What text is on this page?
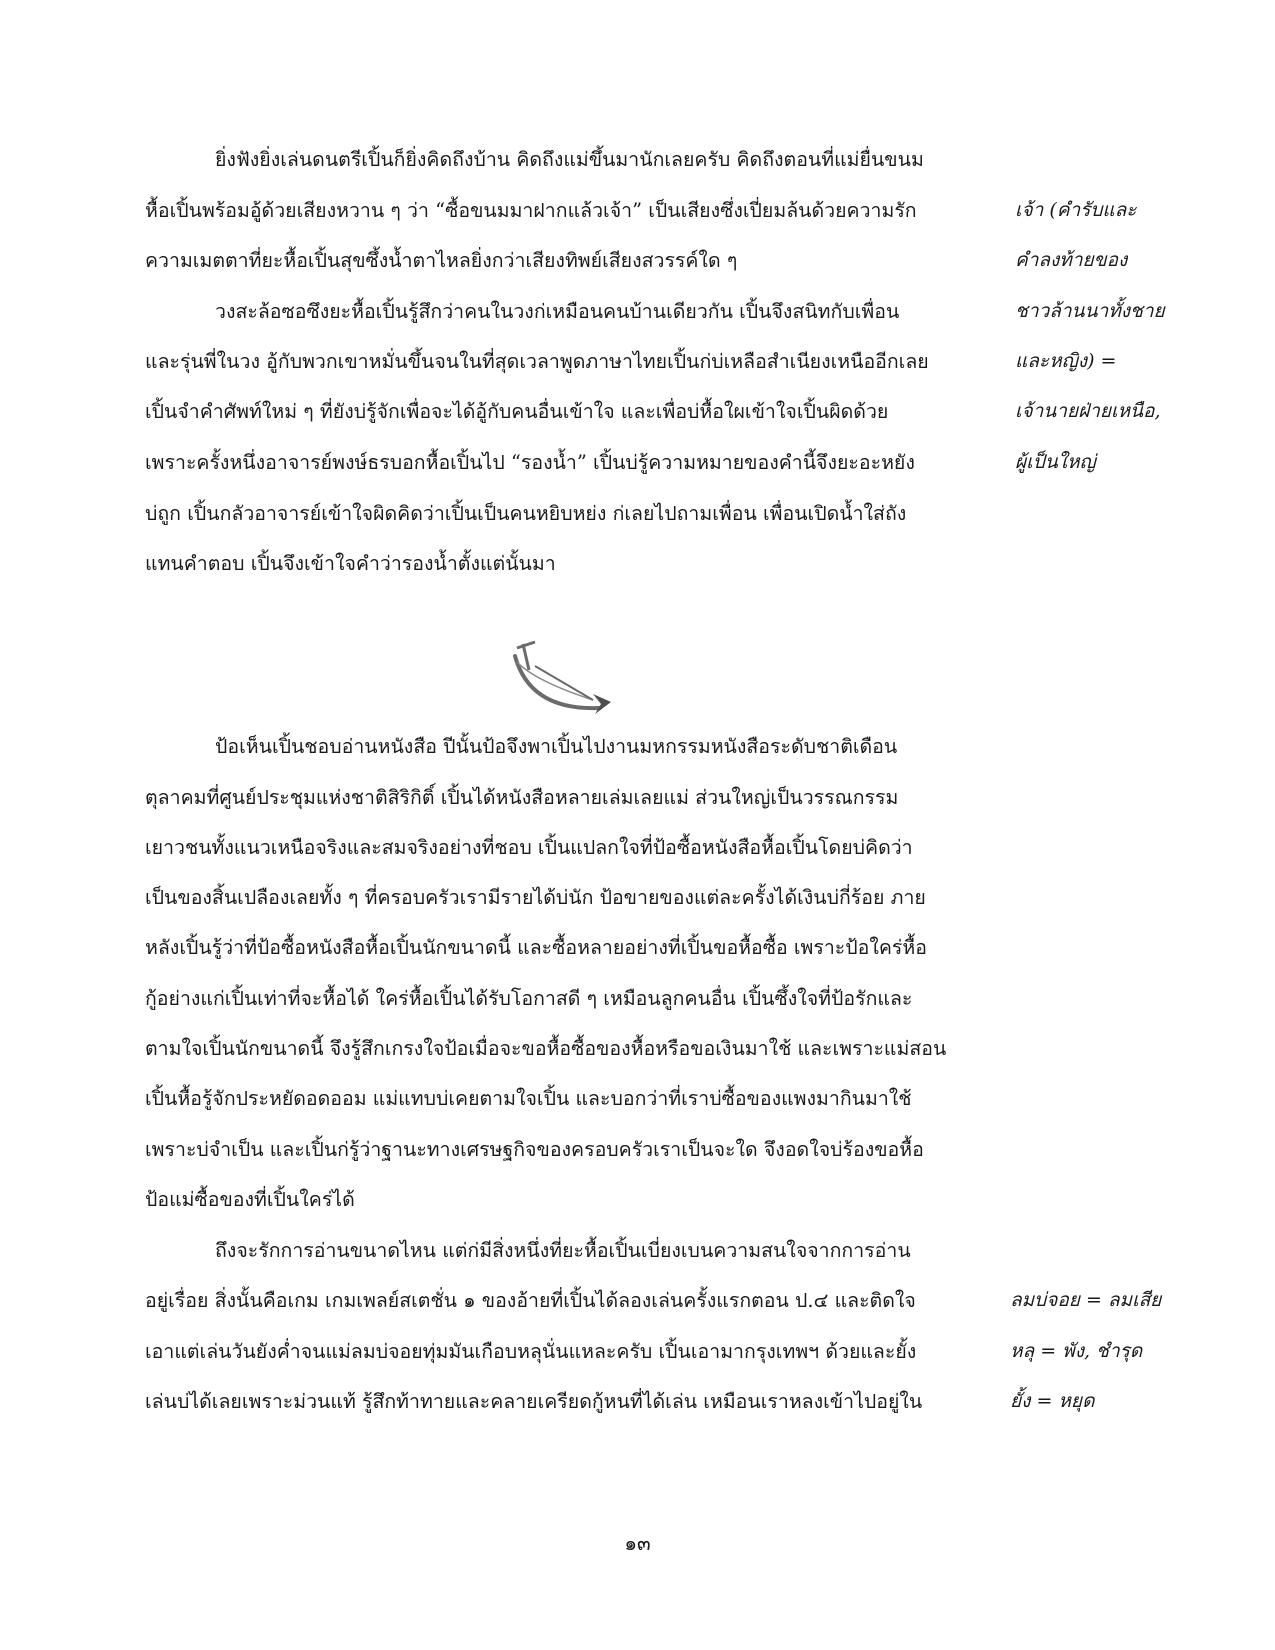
ยิ่งฟังยิ่งเล่นดนตรีเปิ้นก็ยิ่งคิดถึงบ้าน คิดถึงแม่ขึ้นมานักเลยครับ คิดถึงตอนที่แม่ยื่นขนม
หื้อเปิ้นพร้อมอู้ด้วยเสียงหวาน ๆ ว่า “ซื้อขนมมาฝากแล้วเจ้า” เป็นเสียงซึ่งเปี่ยมล้นด้วยความรัก
ความเมตตาที่ยะหื้อเปิ้นสุขซึ้งน้ำตาไหลยิ่งกว่าเสียงทิพย์เสียงสวรรค์ใด ๆ
วงสะล้อซอซึงยะหื้อเปิ้นรู้สึกว่าคนในวงก่เหมือนคนบ้านเดียวกัน เปิ้นจึงสนิทกับเพื่อน
และรุ่นพี่ในวง อู้กับพวกเขาหมั่นขึ้นจนในที่สุดเวลาพูดภาษาไทยเปิ้นก่บ่เหลือสำเนียงเหนืออีกเลย
เปิ้นจำคำศัพท์ใหม่ ๆ ที่ยังบ่รู้จักเพื่อจะได้อู้กับคนอื่นเข้าใจ และเพื่อบ่หื้อใผเข้าใจเปิ้นผิดด้วย
เพราะครั้งหนึ่งอาจารย์พงษ์ธรบอกหื้อเปิ้นไป “รองน้ำ” เปิ้นบ่รู้ความหมายของคำนี้จึงยะอะหยัง
บ่ถูก เปิ้นกลัวอาจารย์เข้าใจผิดคิดว่าเปิ้นเป็นคนหยิบหย่ง ก่เลยไปถามเพื่อน เพื่อนเปิดน้ำใส่ถัง
แทนคำตอบ เปิ้นจึงเข้าใจคำว่ารองน้ำตั้งแต่นั้นมา
เจ้า (คำรับและ
คำลงท้ายของ
ชาวล้านนาทั้งชาย
และหญิง) =
เจ้านายฝ่ายเหนือ,
ผู้เป็นใหญ่
ป้อเห็นเปิ้นชอบอ่านหนังสือ ปีนั้นป้อจึงพาเปิ้นไปงานมหกรรมหนังสือระดับชาติเดือน
ตุลาคมที่ศูนย์ประชุมแห่งชาติสิริกิติ์ เปิ้นได้หนังสือหลายเล่มเลยแม่ ส่วนใหญ่เป็นวรรณกรรม
เยาวชนทั้งแนวเหนือจริงและสมจริงอย่างที่ชอบ เปิ้นแปลกใจที่ป้อซื้อหนังสือหื้อเปิ้นโดยบ่คิดว่า
เป็นของสิ้นเปลืองเลยทั้ง ๆ ที่ครอบครัวเรามีรายได้บ่นัก ป้อขายของแต่ละครั้งได้เงินบ่กี่ร้อย ภาย
หลังเปิ้นรู้ว่าที่ป้อซื้อหนังสือหื้อเปิ้นนักขนาดนี้ และซื้อหลายอย่างที่เปิ้นขอหื้อซื้อ เพราะป้อใคร่หื้อ
กู้อย่างแก่เปิ้นเท่าที่จะหื้อได้ ใคร่หื้อเปิ้นได้รับโอกาสดี ๆ เหมือนลูกคนอื่น เปิ้นซึ้งใจที่ป้อรักและ
ตามใจเปิ้นนักขนาดนี้ จึงรู้สึกเกรงใจป้อเมื่อจะขอหื้อซื้อของหื้อหรือขอเงินมาใช้ และเพราะแม่สอน
เปิ้นหื้อรู้จักประหยัดอดออม แม่แทบบ่เคยตามใจเปิ้น และบอกว่าที่เราบ่ซื้อของแพงมากินมาใช้
เพราะบ่จำเป็น และเปิ้นก่รู้ว่าฐานะทางเศรษฐกิจของครอบครัวเราเป็นจะใด จึงอดใจบ่ร้องขอหื้อ
ป้อแม่ซื้อของที่เปิ้นใคร่ได้
ถึงจะรักการอ่านขนาดไหน แต่ก่มีสิ่งหนึ่งที่ยะหื้อเปิ้นเบี่ยงเบนความสนใจจากการอ่าน
อยู่เรื่อย สิ่งนั้นคือเกม เกมเพลย์สเตชั่น ๑ ของอ้ายที่เปิ้นได้ลองเล่นครั้งแรกตอน ป.๔ และติดใจ
เอาแต่เล่นวันยังค่ำจนแม่ลมบ่จอยทุ่มมันเกือบหลุนั่นแหละครับ เปิ้นเอามากรุงเทพฯ ด้วยและยั้ง
เล่นบ่ได้เลยเพราะม่วนแท้ รู้สึกท้าทายและคลายเครียดกู้หนที่ได้เล่น เหมือนเราหลงเข้าไปอยู่ใน
ลมบ่จอย = ลมเสีย
หลุ = พัง, ชำรุด
ยั้ง = หยุด
๑๓
